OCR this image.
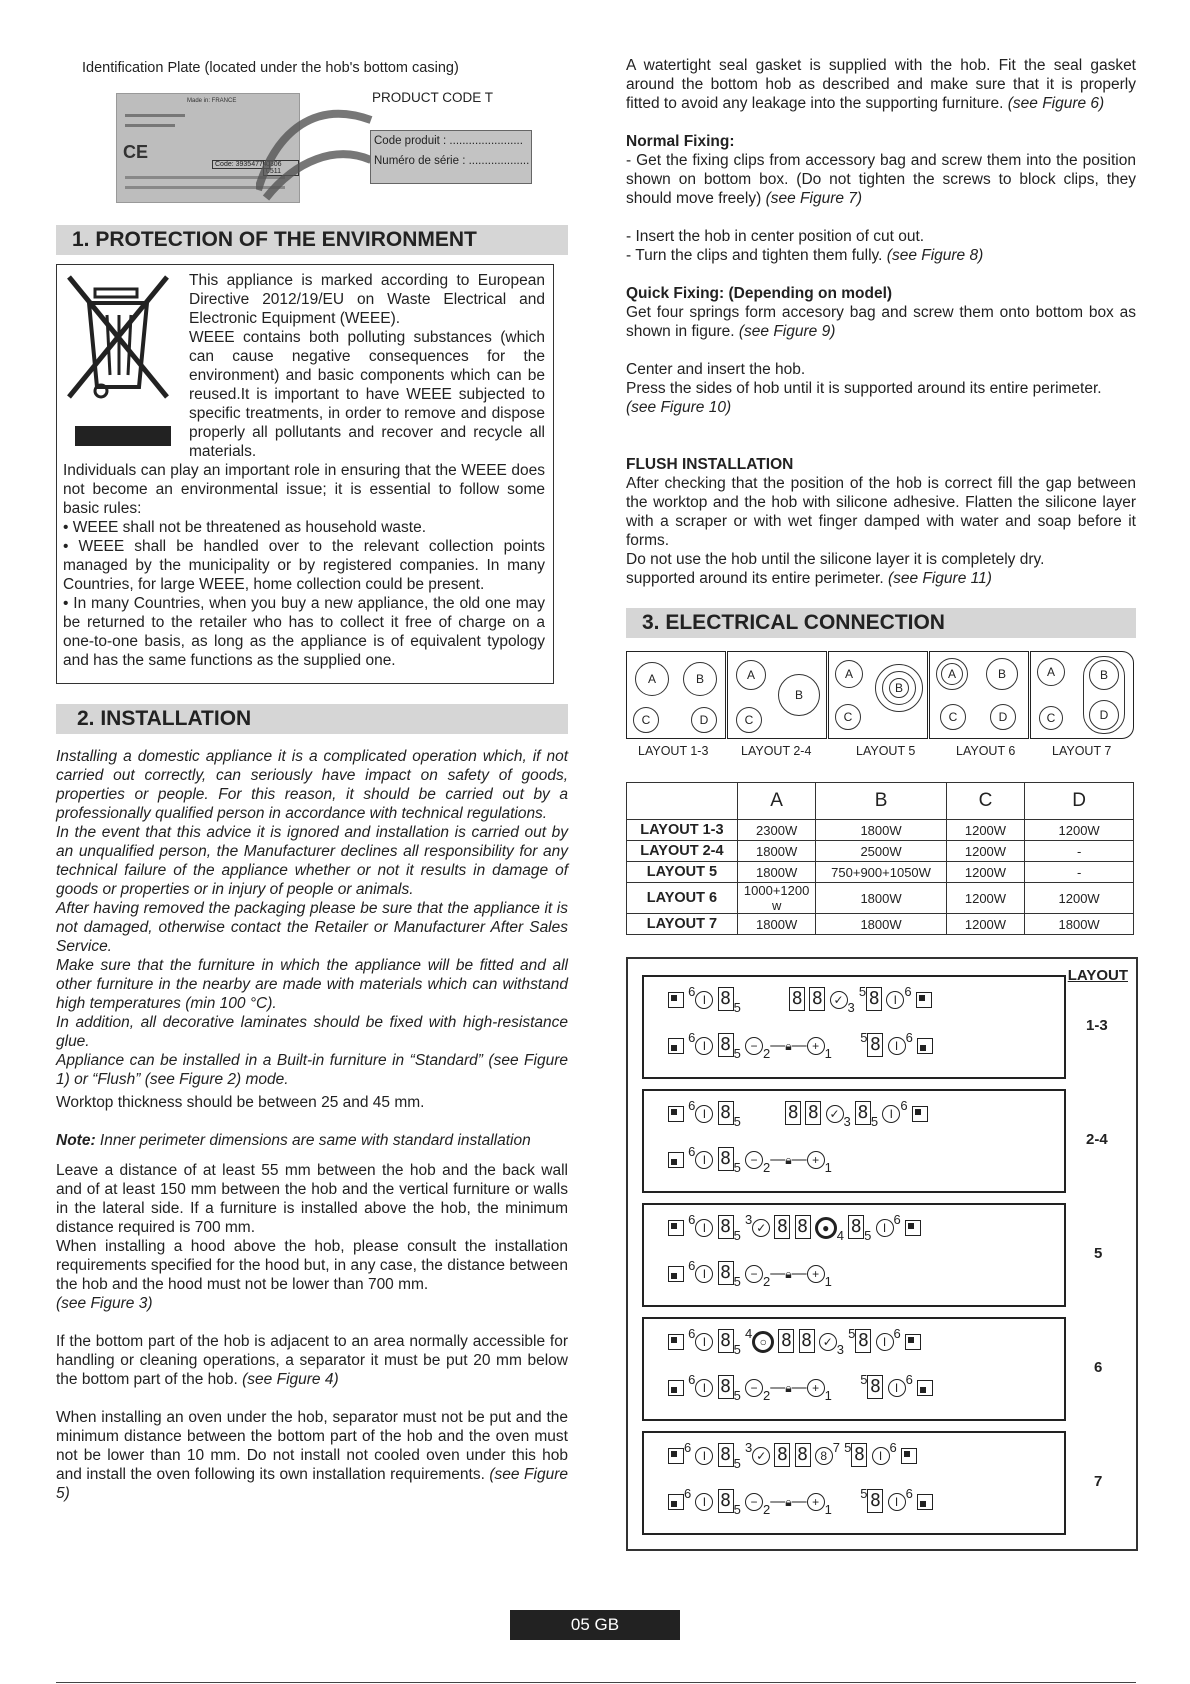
Identification Plate (located under the hob's bottom casing)
Made in: FRANCE
CE
Code: 39354774 0306 0511
PRODUCT CODE T
Code produit : .......................
Numéro de série : ...................
1. PROTECTION OF THE ENVIRONMENT

This appliance is marked according to European Directive 2012/19/EU on Waste Electrical and Electronic Equipment (WEEE).

WEEE contains both polluting substances (which can cause negative consequences for the environment) and basic components which can be reused.It is important to have WEEE subjected to specific treatments, in order to remove and dispose properly all pollutants and recover and recycle all materials.

Individuals can play an important role in ensuring that the WEEE does not become an environmental issue; it is essential to follow some basic rules:

• WEEE shall not be threatened as household waste.

• WEEE shall be handled over to the relevant collection points managed by the municipality or by registered companies. In many Countries, for large WEEE, home collection could be present.

• In many Countries, when you buy a new appliance, the old one may be returned to the retailer who has to collect it free of charge on a one-to-one basis, as long as the appliance is of equivalent typology and has the same functions as the supplied one.

2. INSTALLATION

Installing a domestic appliance it is a complicated operation which, if not carried out correctly, can seriously have impact on safety of goods, properties or people. For this reason, it should be carried out by a professionally qualified person in accordance with technical regulations.

In the event that this advice it is ignored and installation is carried out by an unqualified person, the Manufacturer declines all responsibility for any technical failure of the appliance whether or not it results in damage of goods or properties or in injury of people or animals.

After having removed the packaging please be sure that the appliance it is not damaged, otherwise contact the Retailer or Manufacturer After Sales Service.

Make sure that the furniture in which the appliance will be fitted and all other furniture in the nearby are made with materials which can withstand high temperatures (min 100 °C).

In addition, all decorative laminates should be fixed with high-resistance glue.

Appliance can be installed in a Built-in furniture in “Standard” (see Figure 1) or “Flush” (see Figure 2) mode.

Worktop thickness should be between 25 and 45 mm.

Note: Inner perimeter dimensions are same with standard installation

Leave a distance of at least 55 mm between the hob and the back wall and of at least 150 mm between the hob and the vertical furniture or walls in the lateral side. If a furniture is installed above the hob, the minimum distance required is 700 mm.

When installing a hood above the hob, please consult the installation requirements specified for the hood but, in any case, the distance between the hob and the hood must not be lower than 700 mm.

(see Figure 3)

If the bottom part of the hob is adjacent to an area normally accessible for handling or cleaning operations, a separator it must be put 20 mm below the bottom part of the hob. (see Figure 4)

When installing an oven under the hob, separator must not be put and the minimum distance between the bottom part of the hob and the oven must not be lower than 10 mm. Do not install not cooled oven under this hob and install the oven following its own installation requirements. (see Figure 5)

A watertight seal gasket is supplied with the hob. Fit the seal gasket around the bottom hob as described and make sure that it is properly fitted to avoid any leakage into the supporting furniture. (see Figure 6)

Normal Fixing:

- Get the fixing clips from accessory bag and screw them into the position shown on bottom box. (Do not tighten the screws to block clips, they should move freely) (see Figure 7)

- Insert the hob in center position of cut out.

- Turn the clips and tighten them fully. (see Figure 8)

Quick Fixing: (Depending on model)

Get four springs form accesory bag and screw them onto bottom box as shown in figure. (see Figure 9)

Center and insert the hob.

Press the sides of hob until it is supported around its entire perimeter.

(see Figure 10)

FLUSH INSTALLATION

After checking that the position of the hob is correct fill the gap between the worktop and the hob with silicone adhesive. Flatten the silicone layer with a scraper or with wet finger damped with water and soap before it forms.

Do not use the hob until the silicone layer it is completely dry.

supported around its entire perimeter. (see Figure 11)

3. ELECTRICAL CONNECTION
A	B
C	D
A
B
C
A
B
C
A	B
C	D
A	B
D
C
LAYOUT 1-3	LAYOUT 2-4	LAYOUT 5	LAYOUT 6	LAYOUT 7
	A	B	C	D
LAYOUT 1-3	2300W	1800W	1200W	1200W
LAYOUT 2-4	1800W	2500W	1200W	-
LAYOUT 5	1800W	750+900+1050W	1200W	-
LAYOUT 6	1000+1200 w	1800W	1200W	1200W
LAYOUT 7	1800W	1800W	1200W	1800W
LAYOUT
6I 8 5	8 8 ✓ 3 5 8 I6
6I 8 5 − 2—🔒︎— + 1  5 8 I6
1-3
6I 8 5	8 8 ✓ 3 8 5 I6
6I 8 5 − 2—🔒︎— + 1
2-4
6I 8 5 3✓ 8 8 ● 4 8 5 I6
6I 8 5 − 2—🔒︎— + 1
5
6I 8 5 4○ 8 8 ✓ 3 5 8 I6
6I 8 5 − 2—🔒︎— + 1  5 8 I6
6
6 I 8 5 3✓ 8 8 87 5 8 I6
6 I 8 5 − 2—🔒︎— + 1  5 8 I6
7
05 GB
